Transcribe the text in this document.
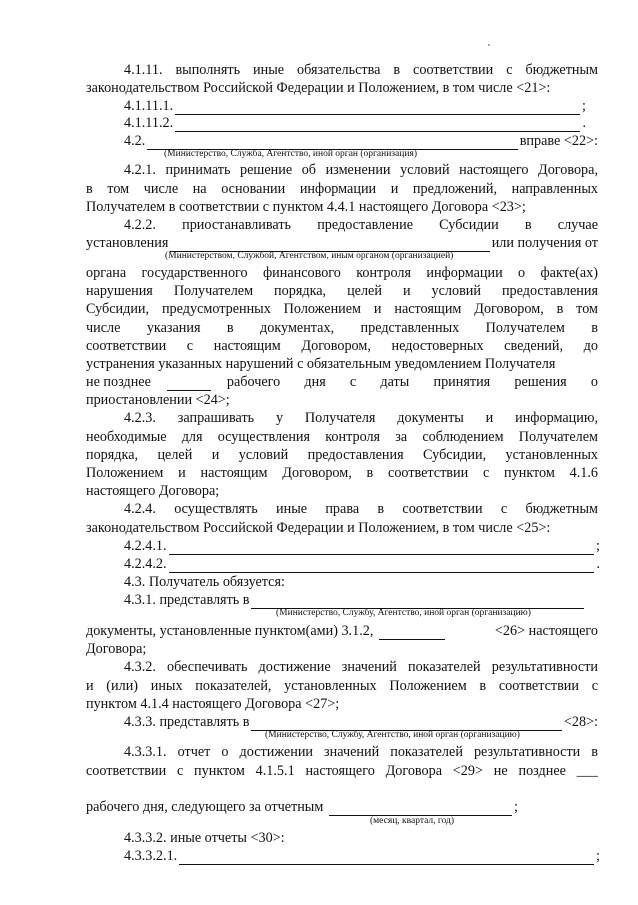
4.1.11. выполнять иные обязательства в соответствии с бюджетным
законодательством Российской Федерации и Положением, в том числе <21>:
4.1.11.1.	;
4.1.11.2.	.
4.2.	вправе <22>:
(Министерство, Служба, Агентство, иной орган (организация)
4.2.1. принимать решение об изменении условий настоящего Договора,
в том числе на основании информации и предложений, направленных
Получателем в соответствии с пунктом 4.4.1 настоящего Договора <23>;
4.2.2. приостанавливать предоставление Субсидии в случае
установления	или получения от
(Министерством, Службой, Агентством, иным органом (организацией)
органа государственного финансового контроля информации о факте(ах)
нарушения Получателем порядка, целей и условий предоставления
Субсидии, предусмотренных Положением и настоящим Договором, в том
числе указания в документах, представленных Получателем в
соответствии с настоящим Договором, недостоверных сведений, до
устранения указанных нарушений с обязательным уведомлением Получателя
не позднее	рабочего дня с даты принятия решения о
приостановлении <24>;
4.2.3. запрашивать у Получателя документы и информацию,
необходимые для осуществления контроля за соблюдением Получателем
порядка, целей и условий предоставления Субсидии, установленных
Положением и настоящим Договором, в соответствии с пунктом 4.1.6
настоящего Договора;
4.2.4. осуществлять иные права в соответствии с бюджетным
законодательством Российской Федерации и Положением, в том числе <25>:
4.2.4.1.	;
4.2.4.2.	.
4.3. Получатель обязуется:
4.3.1. представлять в
(Министерство, Службу, Агентство, иной орган (организацию)
документы, установленные пунктом(ами) 3.1.2,	<26> настоящего
Договора;
4.3.2. обеспечивать достижение значений показателей результативности
и (или) иных показателей, установленных Положением в соответствии с
пунктом 4.1.4 настоящего Договора <27>;
4.3.3. представлять в	<28>:
(Министерство, Службу, Агентство, иной орган (организацию)
4.3.3.1. отчет о достижении значений показателей результативности в
соответствии с пунктом 4.1.5.1 настоящего Договора <29> не позднее ___
рабочего дня, следующего за отчетным	;
(месяц, квартал, год)
4.3.3.2. иные отчеты <30>:
4.3.3.2.1.	;
